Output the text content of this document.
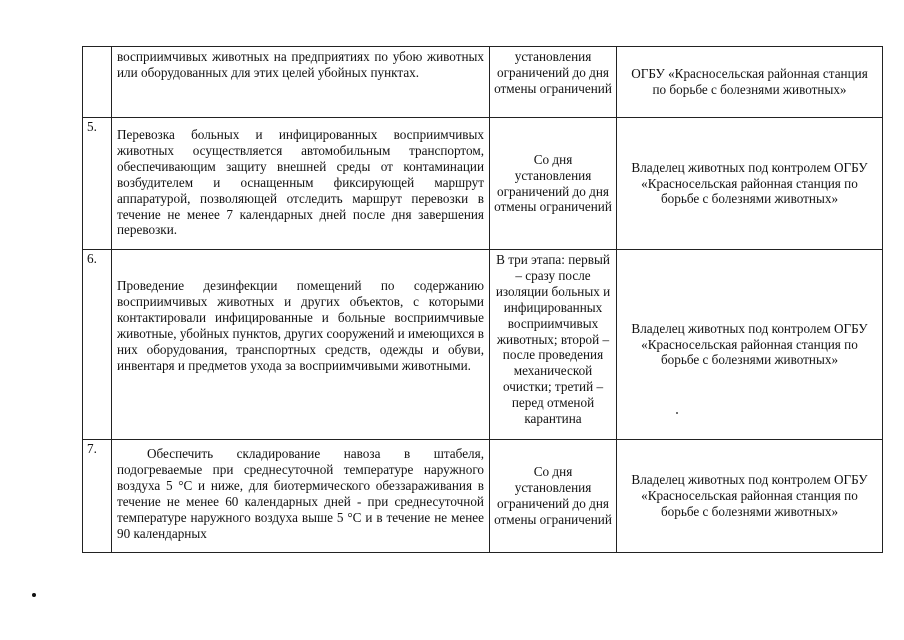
	восприимчивых животных на предприятиях по убою животных или оборудованных для этих целей убойных пунктах.	установления ограничений до дня отмены ограничений	ОГБУ «Красносельская районная станция по борьбе с болезнями животных»
5.	Перевозка больных и инфицированных восприимчивых животных осуществляется автомобильным транспортом, обеспечивающим защиту внешней среды от контаминации возбудителем и оснащенным фиксирующей маршрут аппаратурой, позволяющей отследить маршрут перевозки в течение не менее 7 календарных дней после дня завершения перевозки.	Со дня установления ограничений до дня отмены ограничений	Владелец животных под контролем ОГБУ «Красносельская районная станция по борьбе с болезнями животных»
6.	Проведение дезинфекции помещений по содержанию восприимчивых животных и других объектов, с которыми контактировали инфицированные и больные восприимчивые животные, убойных пунктов, других сооружений и имеющихся в них оборудования, транспортных средств, одежды и обуви, инвентаря и предметов ухода за восприимчивыми животными.	В три этапа: первый – сразу после изоляции больных и инфицированных восприимчивых животных; второй – после проведения механической очистки; третий – перед отменой карантина	Владелец животных под контролем ОГБУ «Красносельская районная станция по борьбе с болезнями животных»
7.	Обеспечить складирование навоза в штабеля, подогреваемые при среднесуточной температуре наружного воздуха 5 °С и ниже, для биотермического обеззараживания в течение не менее 60 календарных дней - при среднесуточной температуре наружного воздуха выше 5 °С и в течение не менее 90 календарных	Со дня установления ограничений до дня отмены ограничений	Владелец животных под контролем ОГБУ «Красносельская районная станция по борьбе с болезнями животных»
